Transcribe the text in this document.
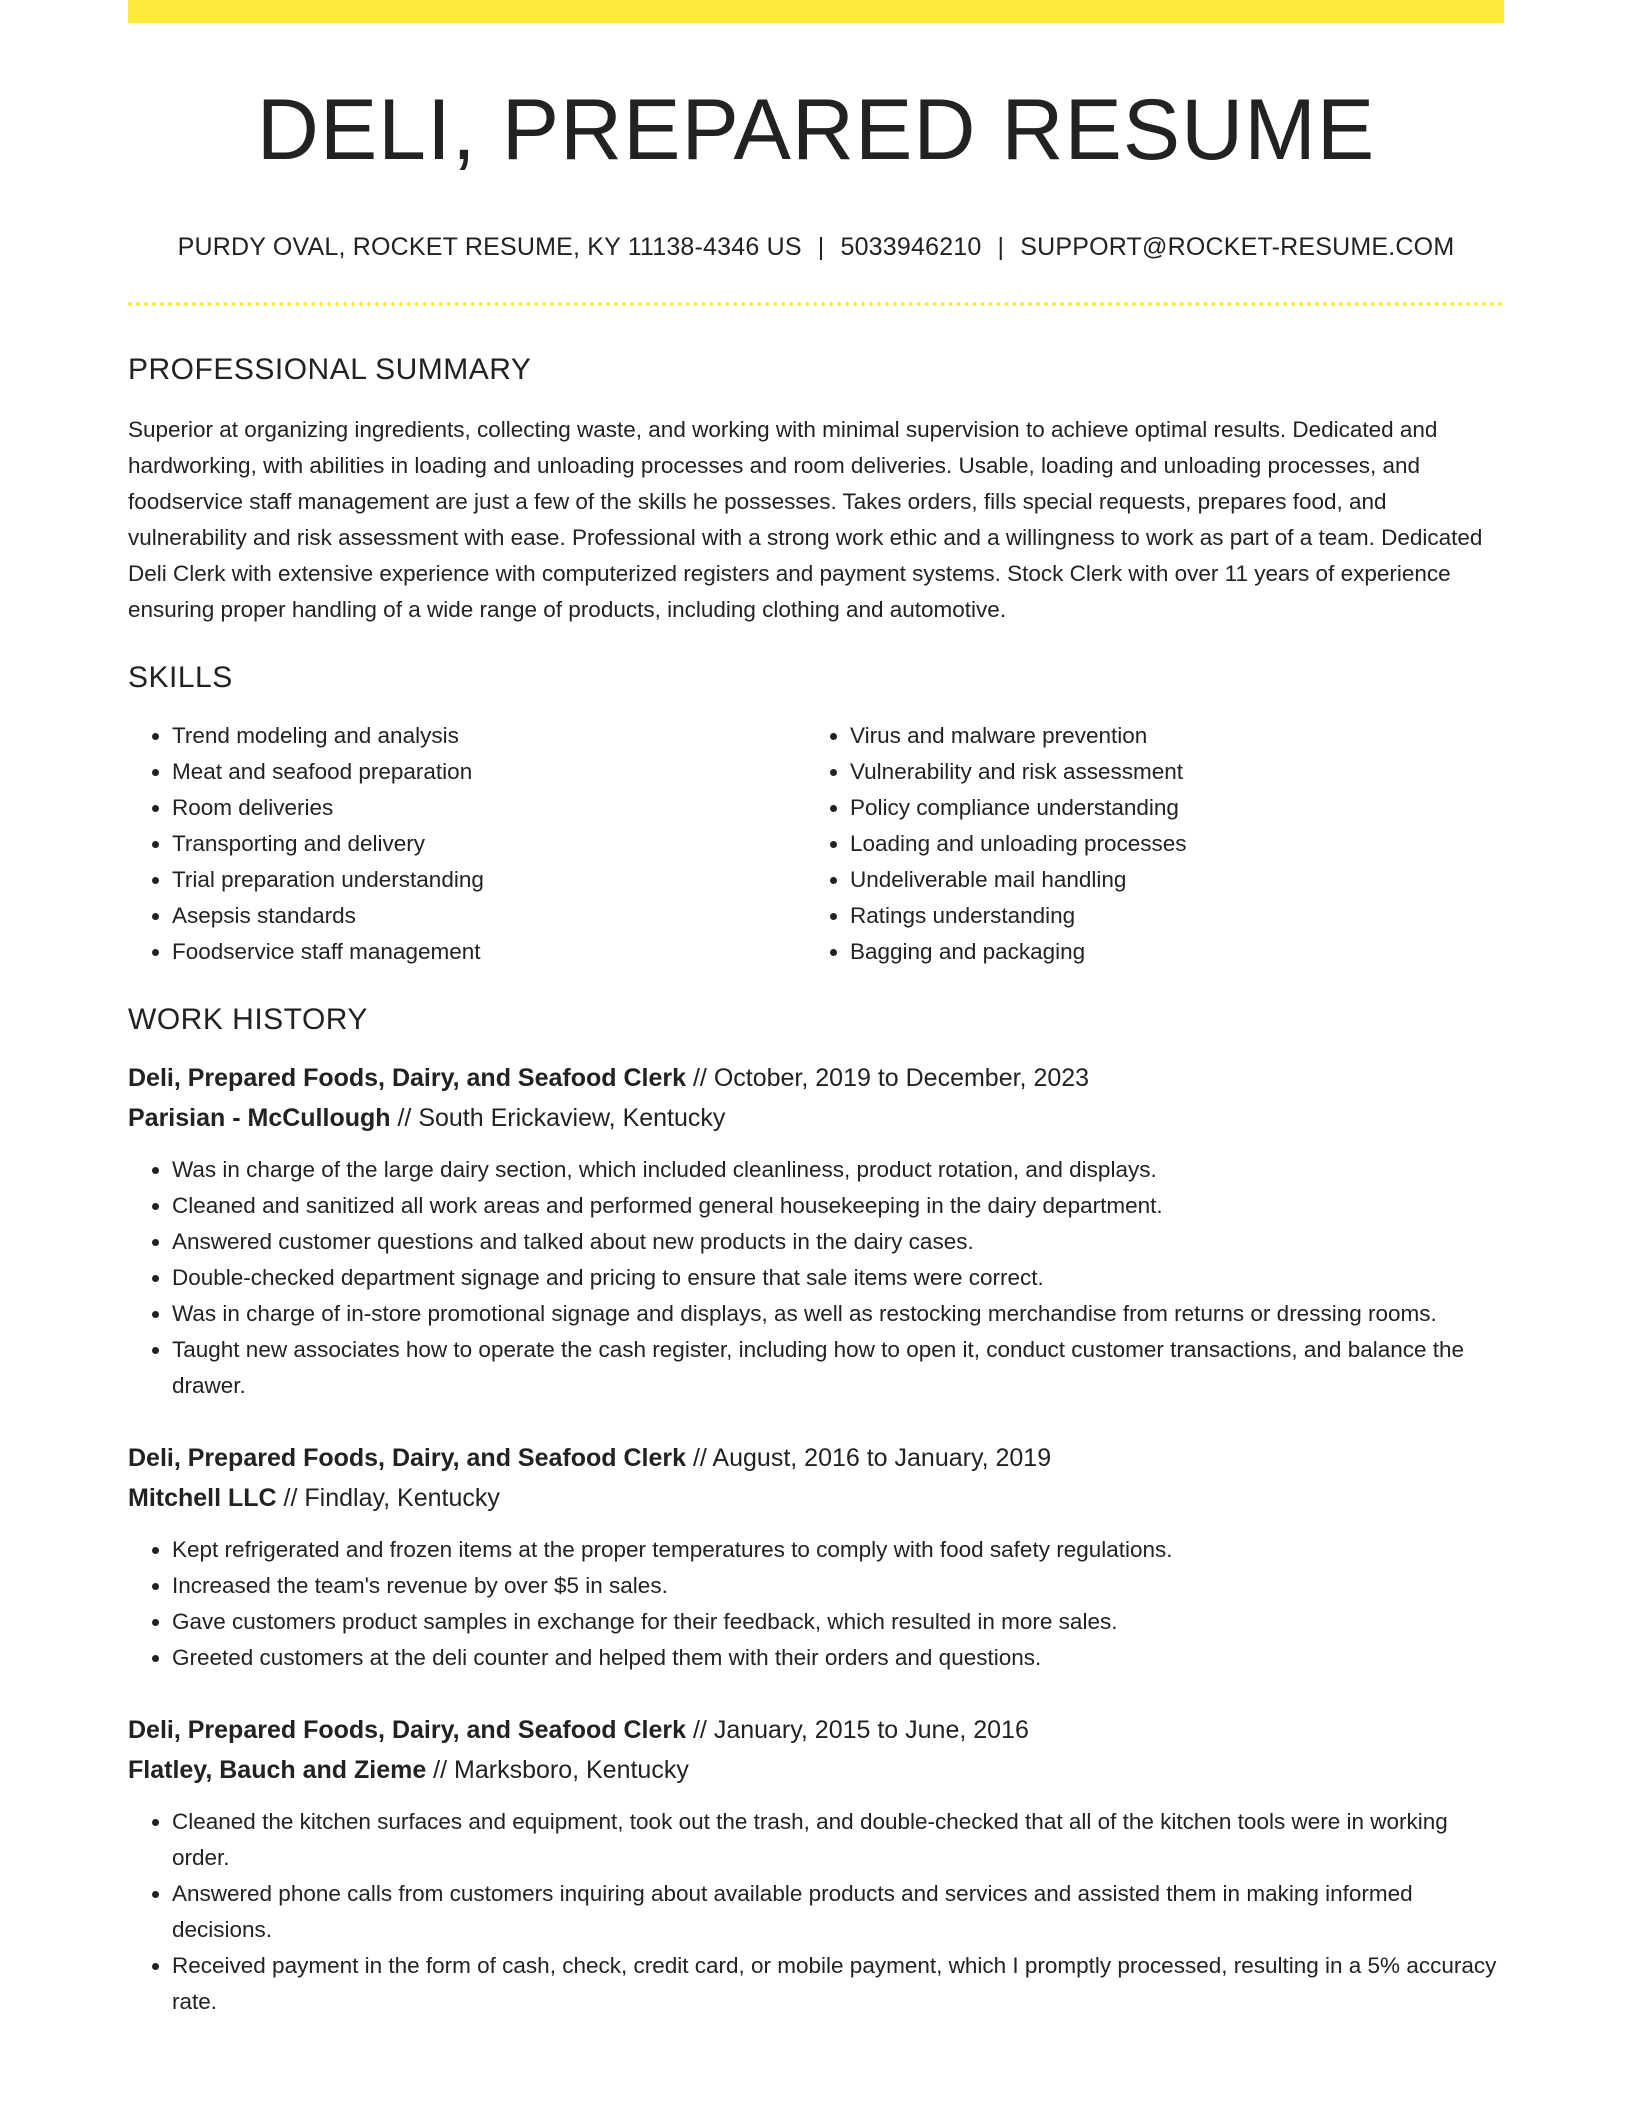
DELI, PREPARED RESUME
PURDY OVAL, ROCKET RESUME, KY 11138-4346 US | 5033946210 | SUPPORT@ROCKET-RESUME.COM
PROFESSIONAL SUMMARY

Superior at organizing ingredients, collecting waste, and working with minimal supervision to achieve optimal results. Dedicated and hardworking, with abilities in loading and unloading processes and room deliveries. Usable, loading and unloading processes, and foodservice staff management are just a few of the skills he possesses. Takes orders, fills special requests, prepares food, and vulnerability and risk assessment with ease. Professional with a strong work ethic and a willingness to work as part of a team. Dedicated Deli Clerk with extensive experience with computerized registers and payment systems. Stock Clerk with over 11 years of experience ensuring proper handling of a wide range of products, including clothing and automotive.

SKILLS
• Trend modeling and analysis
• Meat and seafood preparation
• Room deliveries
• Transporting and delivery
• Trial preparation understanding
• Asepsis standards
• Foodservice staff management
• Virus and malware prevention
• Vulnerability and risk assessment
• Policy compliance understanding
• Loading and unloading processes
• Undeliverable mail handling
• Ratings understanding
• Bagging and packaging
WORK HISTORY
Deli, Prepared Foods, Dairy, and Seafood Clerk // October, 2019 to December, 2023
Parisian - McCullough // South Erickaview, Kentucky
• Was in charge of the large dairy section, which included cleanliness, product rotation, and displays.
• Cleaned and sanitized all work areas and performed general housekeeping in the dairy department.
• Answered customer questions and talked about new products in the dairy cases.
• Double-checked department signage and pricing to ensure that sale items were correct.
• Was in charge of in-store promotional signage and displays, as well as restocking merchandise from returns or dressing rooms.
• Taught new associates how to operate the cash register, including how to open it, conduct customer transactions, and balance the drawer.
Deli, Prepared Foods, Dairy, and Seafood Clerk // August, 2016 to January, 2019
Mitchell LLC // Findlay, Kentucky
• Kept refrigerated and frozen items at the proper temperatures to comply with food safety regulations.
• Increased the team's revenue by over $5 in sales.
• Gave customers product samples in exchange for their feedback, which resulted in more sales.
• Greeted customers at the deli counter and helped them with their orders and questions.
Deli, Prepared Foods, Dairy, and Seafood Clerk // January, 2015 to June, 2016
Flatley, Bauch and Zieme // Marksboro, Kentucky
• Cleaned the kitchen surfaces and equipment, took out the trash, and double-checked that all of the kitchen tools were in working order.
• Answered phone calls from customers inquiring about available products and services and assisted them in making informed decisions.
• Received payment in the form of cash, check, credit card, or mobile payment, which I promptly processed, resulting in a 5% accuracy rate.
